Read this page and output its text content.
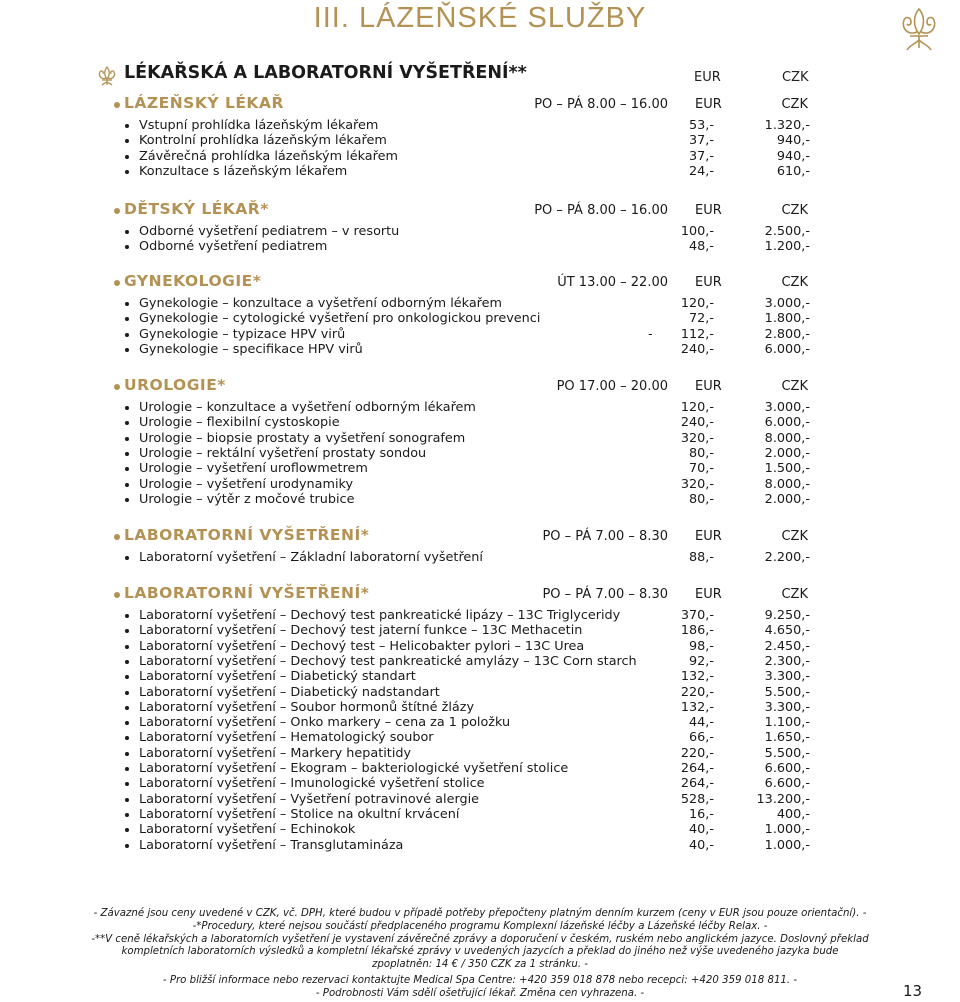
III. LÁZEŇSKÉ SLUŽBY
LÉKAŘSKÁ A LABORATORNÍ VYŠETŘENÍ**	EUR	CZK
LÁZEŇSKÝ LÉKAŘ	PO – PÁ 8.00 – 16.00 EUR	CZK
Vstupní prohlídka lázeňským lékařem	53,-	1.320,-
Kontrolní prohlídka lázeňským lékařem	37,-	940,-
Závěrečná prohlídka lázeňským lékařem	37,-	940,-
Konzultace s lázeňským lékařem	24,-	610,-
DĚTSKÝ LÉKAŘ*	PO – PÁ 8.00 – 16.00 EUR	CZK
Odborné vyšetření pediatrem – v resortu	100,-	2.500,-
Odborné vyšetření pediatrem	48,-	1.200,-
GYNEKOLOGIE*	ÚT 13.00 – 22.00 EUR	CZK
Gynekologie – konzultace a vyšetření odborným lékařem	120,-	3.000,-
Gynekologie – cytologické vyšetření pro onkologickou prevenci	72,-	1.800,-
Gynekologie – typizace HPV virů	- 112,-	2.800,-
Gynekologie – specifikace HPV virů	240,-	6.000,-
UROLOGIE*	PO 17.00 – 20.00 EUR	CZK
Urologie – konzultace a vyšetření odborným lékařem	120,-	3.000,-
Urologie – flexibilní cystoskopie	240,-	6.000,-
Urologie – biopsie prostaty a vyšetření sonografem	320,-	8.000,-
Urologie – rektální vyšetření prostaty sondou	80,-	2.000,-
Urologie – vyšetření uroflowmetrem	70,-	1.500,-
Urologie – vyšetření urodynamiky	320,-	8.000,-
Urologie – výtěr z močové trubice	80,-	2.000,-
LABORATORNÍ VYŠETŘENÍ*	PO – PÁ 7.00 – 8.30 EUR	CZK
Laboratorní vyšetření – Základní laboratorní vyšetření	88,-	2.200,-
LABORATORNÍ VYŠETŘENÍ*	PO – PÁ 7.00 – 8.30 EUR	CZK
Laboratorní vyšetření – Dechový test pankreatické lipázy – 13C Triglyceridy	370,-	9.250,-
Laboratorní vyšetření – Dechový test jaterní funkce – 13C Methacetin	186,-	4.650,-
Laboratorní vyšetření – Dechový test – Helicobakter pylori – 13C Urea	98,-	2.450,-
Laboratorní vyšetření – Dechový test pankreatické amylázy – 13C Corn starch	92,-	2.300,-
Laboratorní vyšetření – Diabetický standart	132,-	3.300,-
Laboratorní vyšetření – Diabetický nadstandart	220,-	5.500,-
Laboratorní vyšetření – Soubor hormonů štítné žlázy	132,-	3.300,-
Laboratorní vyšetření – Onko markery – cena za 1 položku	44,-	1.100,-
Laboratorní vyšetření – Hematologický soubor	66,-	1.650,-
Laboratorní vyšetření – Markery hepatitidy	220,-	5.500,-
Laboratorní vyšetření – Ekogram – bakteriologické vyšetření stolice	264,-	6.600,-
Laboratorní vyšetření – Imunologické vyšetření stolice	264,-	6.600,-
Laboratorní vyšetření – Vyšetření potravinové alergie	528,-	13.200,-
Laboratorní vyšetření – Stolice na okultní krvácení	16,-	400,-
Laboratorní vyšetření – Echinokok	40,-	1.000,-
Laboratorní vyšetření – Transglutamináza	40,-	1.000,-
- Závazné jsou ceny uvedené v CZK, vč. DPH, které budou v případě potřeby přepočteny platným denním kurzem (ceny v EUR jsou pouze orientační). -
-*Procedury, které nejsou součástí předplaceného programu Komplexní lázeňské léčby a Lázeňské léčby Relax. -
-**V ceně lékařských a laboratorních vyšetření je vystavení závěrečné zprávy a doporučení v českém, ruském nebo anglickém jazyce. Doslovný překlad kompletních laboratorních výsledků a kompletní lékařské zprávy v uvedených jazycích a překlad do jiného než výše uvedeného jazyka bude zpoplatněn: 14 € / 350 CZK za 1 stránku. -
- Pro bližší informace nebo rezervaci kontaktujte Medical Spa Centre: +420 359 018 878 nebo recepci: +420 359 018 811. -
- Podrobnosti Vám sdělí ošetřující lékař. Změna cen vyhrazena. -	13
